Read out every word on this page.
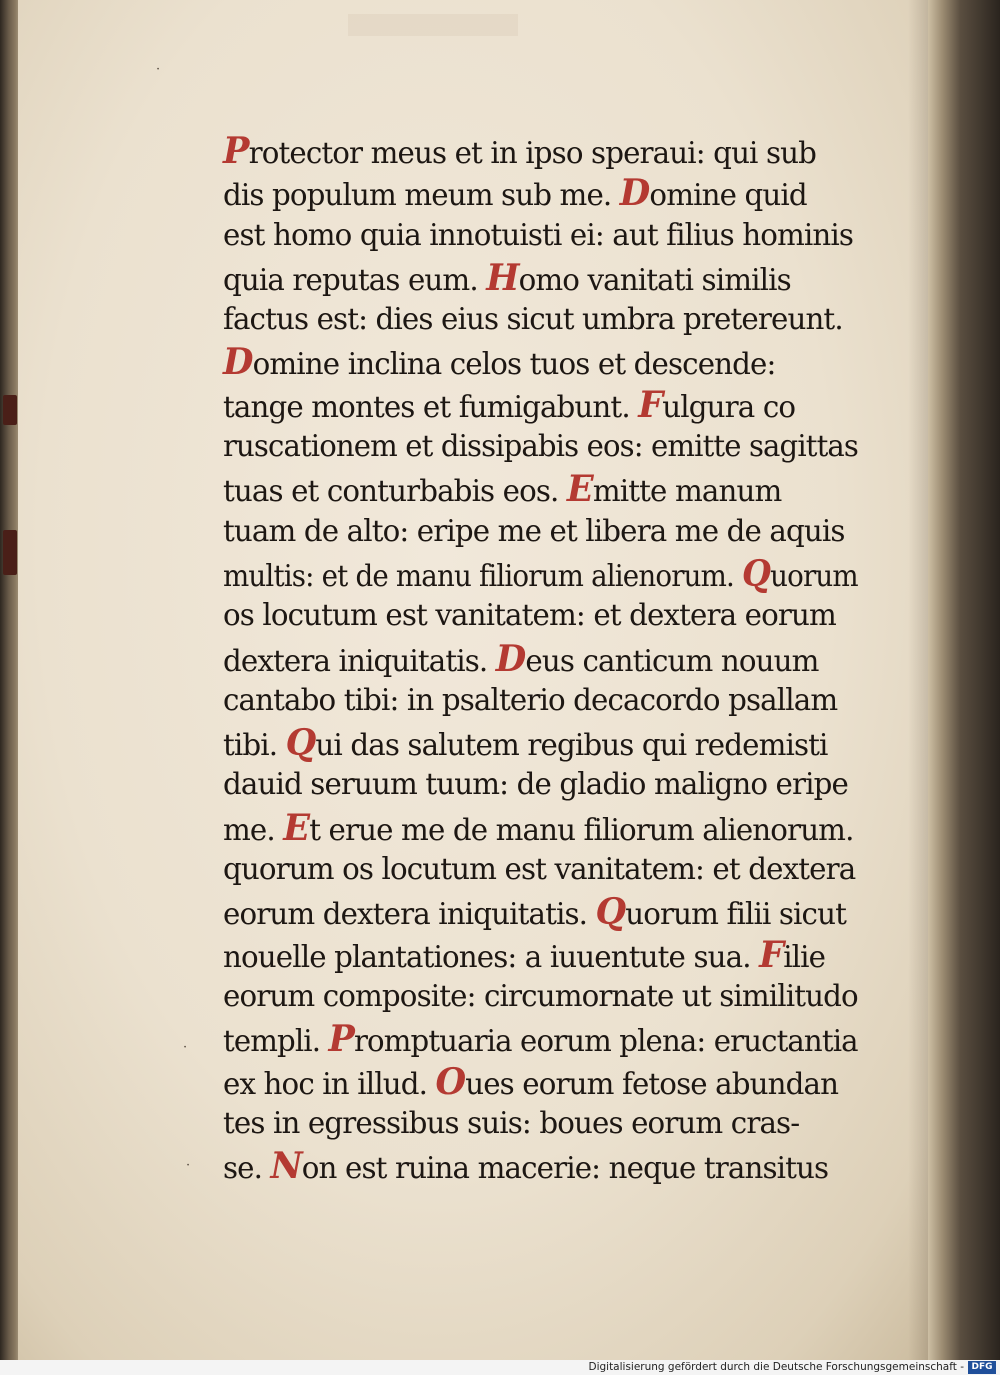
·
·
·
Protector meus et in ipso speraui: qui sub
dis populum meum sub me. Domine quid
est homo quia innotuisti ei: aut filius hominis
quia reputas eum. Homo vanitati similis
factus est: dies eius sicut umbra pretereunt.
Domine inclina celos tuos et descende:
tange montes et fumigabunt. Fulgura co
ruscationem et dissipabis eos: emitte sagittas
tuas et conturbabis eos. Emitte manum
tuam de alto: eripe me et libera me de aquis
multis: et de manu filiorum alienorum. Quorum
os locutum est vanitatem: et dextera eorum
dextera iniquitatis. Deus canticum nouum
cantabo tibi: in psalterio decacordo psallam
tibi. Qui das salutem regibus qui redemisti
dauid seruum tuum: de gladio maligno eripe
me. Et erue me de manu filiorum alienorum.
quorum os locutum est vanitatem: et dextera
eorum dextera iniquitatis. Quorum filii sicut
nouelle plantationes: a iuuentute sua. Filie
eorum composite: circumornate ut similitudo
templi. Promptuaria eorum plena: eructantia
ex hoc in illud. Oues eorum fetose abundan
tes in egressibus suis: boues eorum cras-
se. Non est ruina macerie: neque transitus
Digitalisierung gefördert durch die Deutsche Forschungsgemeinschaft - DFG
